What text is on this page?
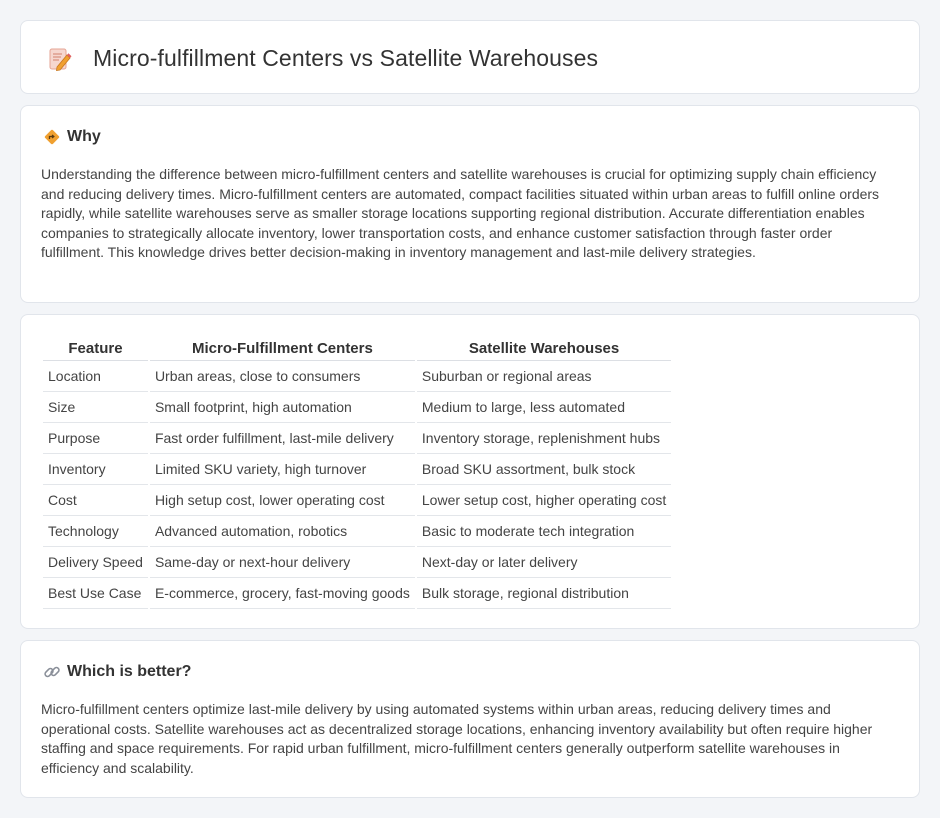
Micro-fulfillment Centers vs Satellite Warehouses
Why

Understanding the difference between micro-fulfillment centers and satellite warehouses is crucial for optimizing supply chain efficiency and reducing delivery times. Micro-fulfillment centers are automated, compact facilities situated within urban areas to fulfill online orders rapidly, while satellite warehouses serve as smaller storage locations supporting regional distribution. Accurate differentiation enables companies to strategically allocate inventory, lower transportation costs, and enhance customer satisfaction through faster order fulfillment. This knowledge drives better decision-making in inventory management and last-mile delivery strategies.

Feature	Micro-Fulfillment Centers	Satellite Warehouses
Location	Urban areas, close to consumers	Suburban or regional areas
Size	Small footprint, high automation	Medium to large, less automated
Purpose	Fast order fulfillment, last-mile delivery	Inventory storage, replenishment hubs
Inventory	Limited SKU variety, high turnover	Broad SKU assortment, bulk stock
Cost	High setup cost, lower operating cost	Lower setup cost, higher operating cost
Technology	Advanced automation, robotics	Basic to moderate tech integration
Delivery Speed	Same-day or next-hour delivery	Next-day or later delivery
Best Use Case	E-commerce, grocery, fast-moving goods	Bulk storage, regional distribution
Which is better?

Micro-fulfillment centers optimize last-mile delivery by using automated systems within urban areas, reducing delivery times and operational costs. Satellite warehouses act as decentralized storage locations, enhancing inventory availability but often require higher staffing and space requirements. For rapid urban fulfillment, micro-fulfillment centers generally outperform satellite warehouses in efficiency and scalability.
